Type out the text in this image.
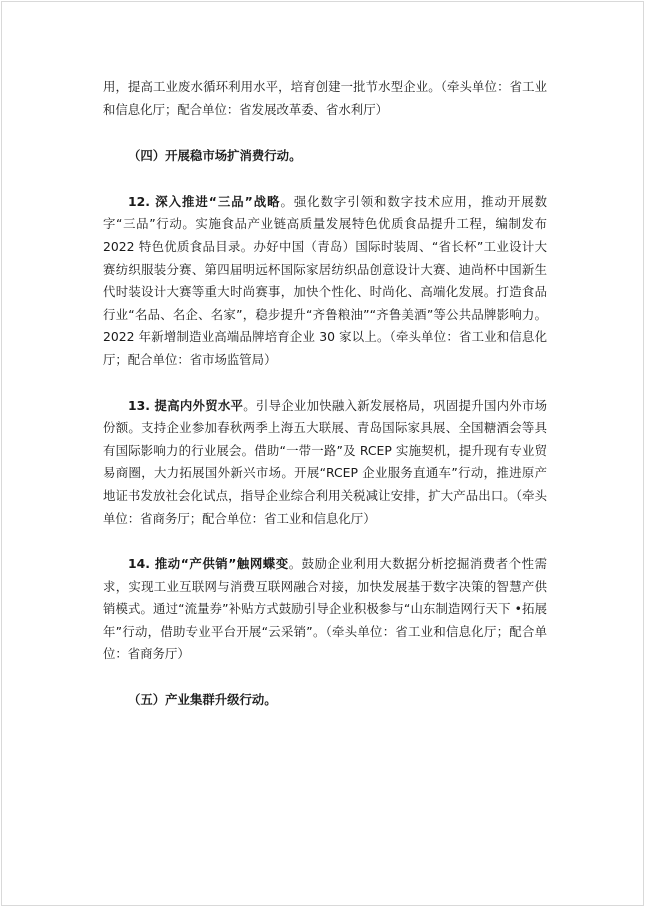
用，提高工业废水循环利用水平，培育创建一批节水型企业。（牵头单位：省工业和信息化厅；配合单位：省发展改革委、省水利厅）

（四）开展稳市场扩消费行动。

12. 深入推进“三品”战略。强化数字引领和数字技术应用，推动开展数字“三品”行动。实施食品产业链高质量发展特色优质食品提升工程，编制发布 2022 特色优质食品目录。办好中国（青岛）国际时装周、“省长杯”工业设计大赛纺织服装分赛、第四届明远杯国际家居纺织品创意设计大赛、迪尚杯中国新生代时装设计大赛等重大时尚赛事，加快个性化、时尚化、高端化发展。打造食品行业“名品、名企、名家”，稳步提升“齐鲁粮油”“齐鲁美酒”等公共品牌影响力。2022 年新增制造业高端品牌培育企业 30 家以上。（牵头单位：省工业和信息化厅；配合单位：省市场监管局）

13. 提高内外贸水平。引导企业加快融入新发展格局，巩固提升国内外市场份额。支持企业参加春秋两季上海五大联展、青岛国际家具展、全国糖酒会等具有国际影响力的行业展会。借助“一带一路”及 RCEP 实施契机，提升现有专业贸易商圈，大力拓展国外新兴市场。开展“RCEP 企业服务直通车”行动，推进原产地证书发放社会化试点，指导企业综合利用关税减让安排，扩大产品出口。（牵头单位：省商务厅；配合单位：省工业和信息化厅）

14. 推动“产供销”触网蝶变。鼓励企业利用大数据分析挖掘消费者个性需求，实现工业互联网与消费互联网融合对接，加快发展基于数字决策的智慧产供销模式。通过“流量券”补贴方式鼓励引导企业积极参与“山东制造网行天下 •拓展年”行动，借助专业平台开展“云采销”。（牵头单位：省工业和信息化厅；配合单位：省商务厅）

（五）产业集群升级行动。
